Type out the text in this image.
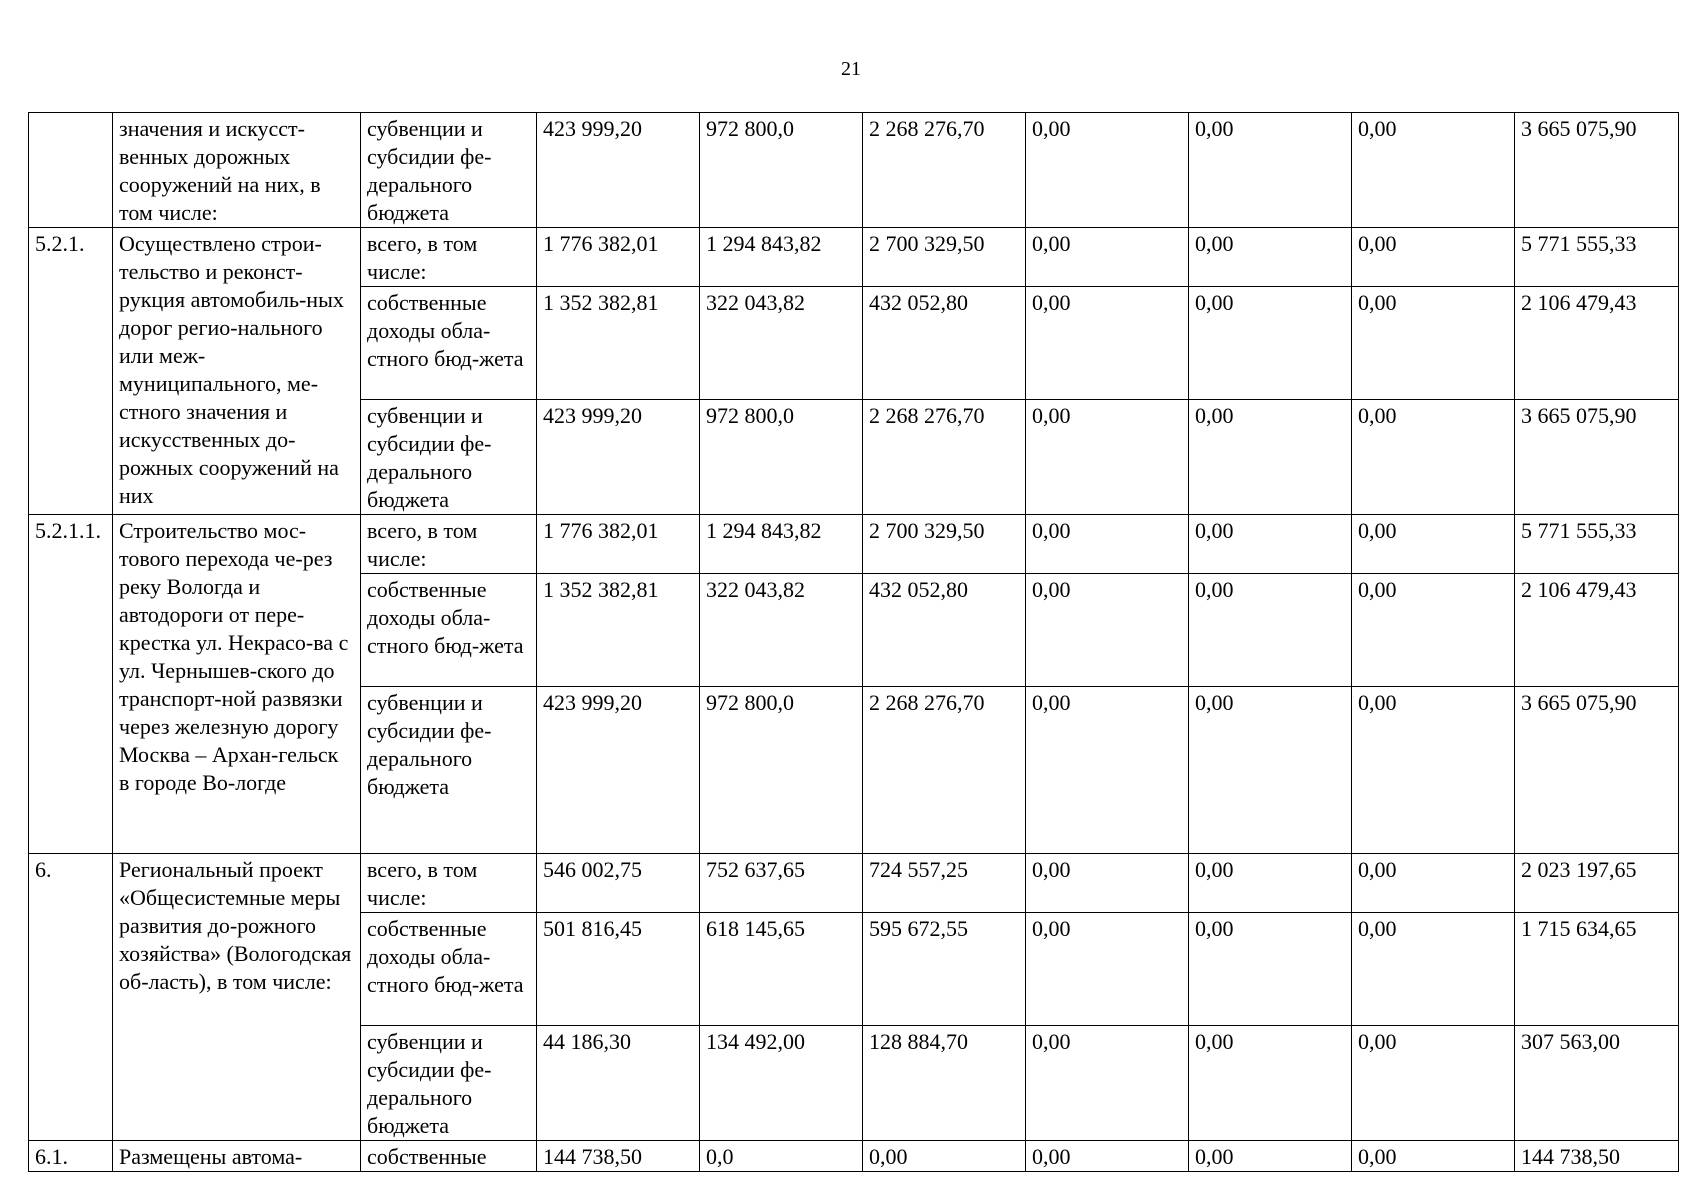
21
	значения и искусст-венных дорожных сооружений на них, в том числе:	субвенции и субсидии фе-дерального бюджета	423 999,20	972 800,0	2 268 276,70	0,00	0,00	0,00	3 665 075,90
5.2.1.	Осуществлено строи-тельство и реконст-рукция автомобиль-ных дорог регио-нального или меж-муниципального, ме-стного значения и искусственных до-рожных сооружений на них	всего, в том числе:	1 776 382,01	1 294 843,82	2 700 329,50	0,00	0,00	0,00	5 771 555,33
		собственные доходы обла-стного бюд-жета	1 352 382,81	322 043,82	432 052,80	0,00	0,00	0,00	2 106 479,43
		субвенции и субсидии фе-дерального бюджета	423 999,20	972 800,0	2 268 276,70	0,00	0,00	0,00	3 665 075,90
5.2.1.1.	Строительство мос-тового перехода че-рез реку Вологда и автодороги от пере-крестка ул. Некрасо-ва с ул. Чернышев-ского до транспорт-ной развязки через железную дорогу Москва – Архан-гельск в городе Во-логде	всего, в том числе:	1 776 382,01	1 294 843,82	2 700 329,50	0,00	0,00	0,00	5 771 555,33
		собственные доходы обла-стного бюд-жета	1 352 382,81	322 043,82	432 052,80	0,00	0,00	0,00	2 106 479,43
		субвенции и субсидии фе-дерального бюджета	423 999,20	972 800,0	2 268 276,70	0,00	0,00	0,00	3 665 075,90
6.	Региональный проект «Общесистемные меры развития до-рожного хозяйства» (Вологодская об-ласть), в том числе:	всего, в том числе:	546 002,75	752 637,65	724 557,25	0,00	0,00	0,00	2 023 197,65
		собственные доходы обла-стного бюд-жета	501 816,45	618 145,65	595 672,55	0,00	0,00	0,00	1 715 634,65
		субвенции и субсидии фе-дерального бюджета	44 186,30	134 492,00	128 884,70	0,00	0,00	0,00	307 563,00
6.1.	Размещены автома-	собственные	144 738,50	0,0	0,00	0,00	0,00	0,00	144 738,50
